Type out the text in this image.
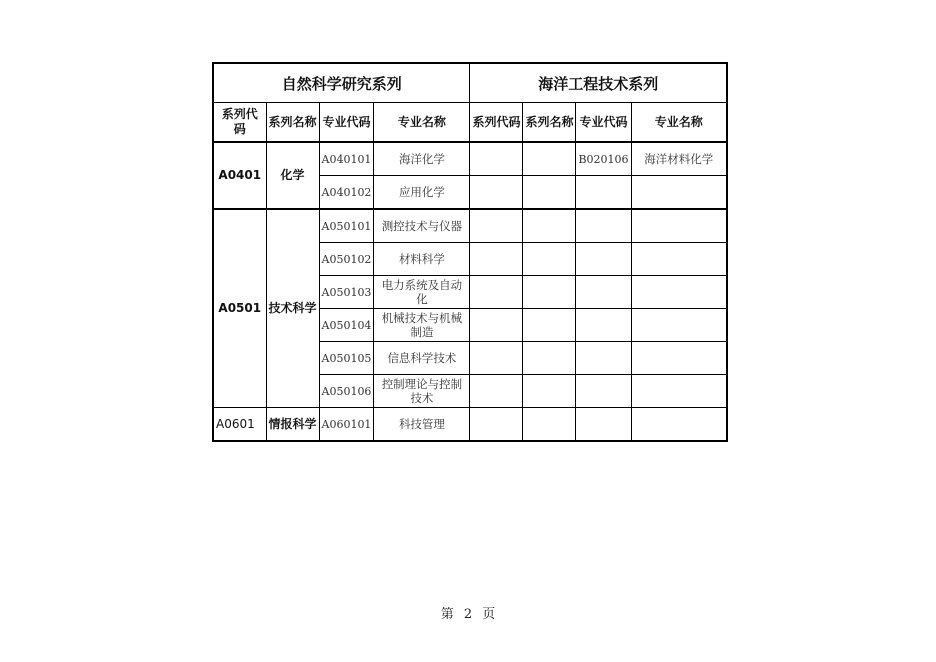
自然科学研究系列				海洋工程技术系列			
系列代码	系列名称	专业代码	专业名称	系列代码	系列名称	专业代码	专业名称
A0401	化学	A040101	海洋化学			B020106	海洋材料化学
		A040102	应用化学				
A0501	技术科学	A050101	测控技术与仪器				
		A050102	材料科学				
		A050103	电力系统及自动化				
		A050104	机械技术与机械制造				
		A050105	信息科学技术				
		A050106	控制理论与控制技术				
A0601	情报科学	A060101	科技管理				
第 2 页
